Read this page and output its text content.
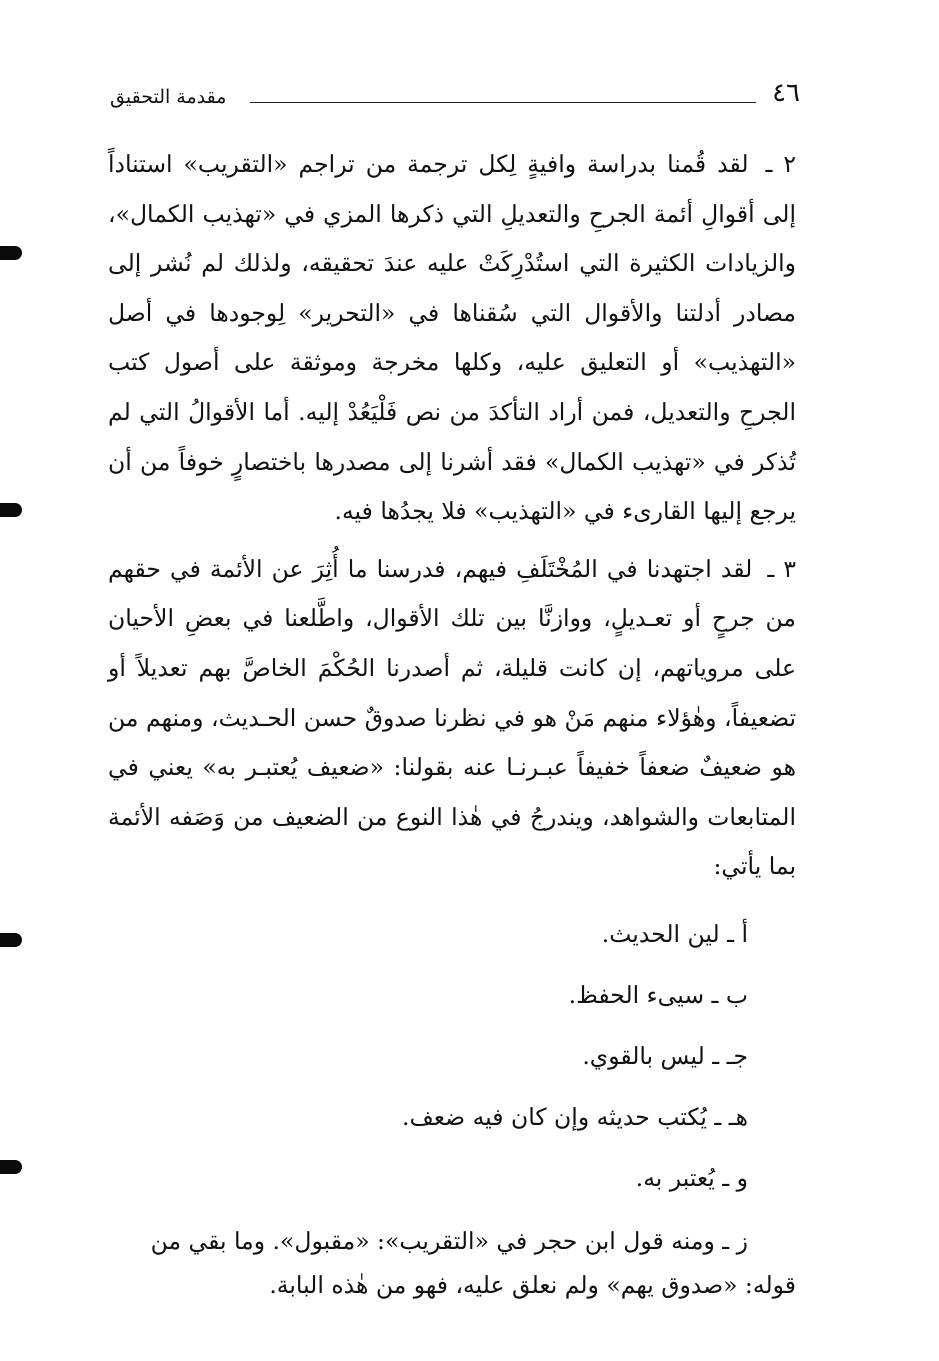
٤٦
مقدمة التحقيق

٢ ـ لقد قُمنا بدراسة وافيةٍ لِكل ترجمة من تراجم «التقريب» استناداً إلى أقوالِ أئمة الجرحِ والتعديلِ التي ذكرها المزي في «تهذيب الكمال»، والزيادات الكثيرة التي استُدْرِكَتْ عليه عندَ تحقيقه، ولذلك لم نُشر إلى مصادر أدلتنا والأقوال التي سُقناها في «التحرير» لِوجودها في أصل «التهذيب» أو التعليق عليه، وكلها مخرجة وموثقة على أصول كتب الجرحِ والتعديل، فمن أراد التأكدَ من نص فَلْيَعُدْ إليه. أما الأقوالُ التي لم تُذكر في «تهذيب الكمال» فقد أشرنا إلى مصدرها باختصارٍ خوفاً من أن يرجع إليها القارىء في «التهذيب» فلا يجدُها فيه.

٣ ـ لقد اجتهدنا في المُخْتَلَفِ فيهم، فدرسنا ما أُثِرَ عن الأئمة في حقهم من جرحٍ أو تعـديلٍ، ووازنَّا بين تلك الأقوال، واطَّلعنا في بعضِ الأحيان على مروياتهم، إن كانت قليلة، ثم أصدرنا الحُكْمَ الخاصَّ بهم تعديلاً أو تضعيفاً، وهٰؤلاء منهم مَنْ هو في نظرنا صدوقٌ حسن الحـديث، ومنهم من هو ضعيفٌ ضعفاً خفيفاً عبـرنـا عنه بقولنا: «ضعيف يُعتبـر به» يعني في المتابعات والشواهد، ويندرجُ في هٰذا النوع من الضعيف من وَصَفه الأئمة بما يأتي:

أ ـ لين الحديث.
ب ـ سيىء الحفظ.
جـ ـ ليس بالقوي.
هـ ـ يُكتب حديثه وإن كان فيه ضعف.
و ـ يُعتبر به.

ز ـ ومنه قول ابن حجر في «التقريب»: «مقبول». وما بقي من
قوله: «صدوق يهم» ولم نعلق عليه، فهو من هٰذه البابة.
